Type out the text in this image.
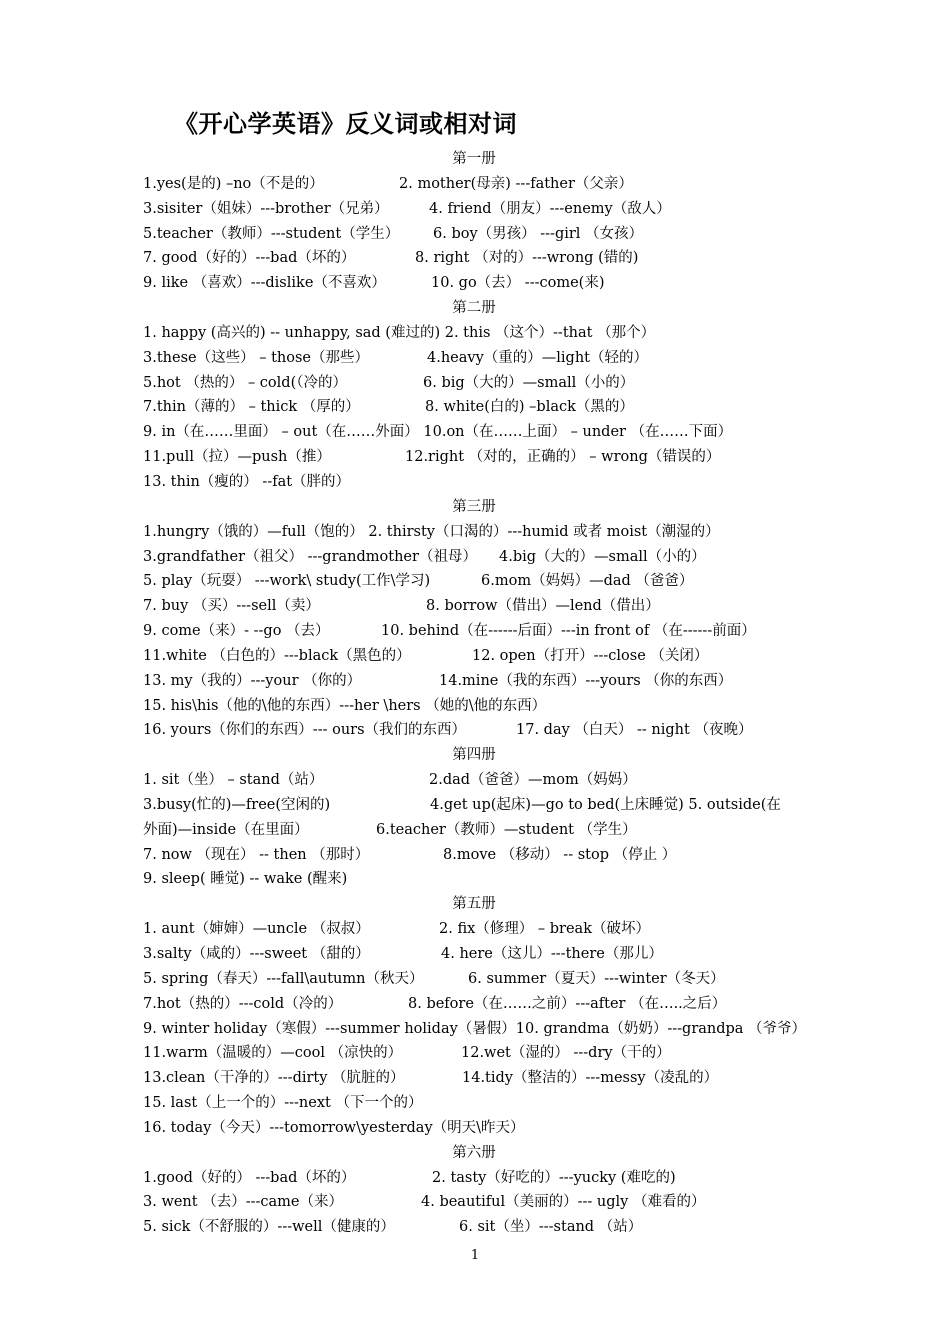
《开心学英语》反义词或相对词
第一册
1.yes(是的) –no（不是的）	2. mother(母亲) ---father（父亲）
3.sisiter（姐妹）---brother（兄弟）	4. friend（朋友）---enemy（敌人）
5.teacher（教师）---student（学生） 6. boy（男孩） ---girl （女孩）
7. good（好的）---bad（坏的）	8. right （对的）---wrong (错的)
9. like （喜欢）---dislike（不喜欢）	10. go（去） ---come(来)
第二册
1. happy (高兴的) -- unhappy, sad (难过的) 2. this （这个）--that （那个）
3.these（这些） – those（那些）	4.heavy（重的）—light（轻的）
5.hot （热的） – cold(（冷的）	6. big（大的）—small（小的）
7.thin（薄的） – thick （厚的）	8. white(白的) –black（黑的）
9. in（在……里面） – out（在……外面） 10.on（在……上面） – under （在……下面）
11.pull（拉）—push（推）	12.right （对的，正确的） – wrong（错误的）
13. thin（瘦的） --fat（胖的）
第三册
1.hungry（饿的）—full（饱的） 2. thirsty（口渴的）---humid 或者 moist（潮湿的）
3.grandfather（祖父） ---grandmother（祖母） 4.big（大的）—small（小的）
5. play（玩耍） ---work\ study(工作\学习)	6.mom（妈妈）—dad （爸爸）
7. buy （买）---sell（卖）	8. borrow（借出）—lend（借出）
9. come（来）- --go （去）	10. behind（在------后面）---in front of （在------前面）
11.white （白色的）---black（黑色的）	12. open（打开）---close （关闭）
13. my（我的）---your （你的）	14.mine（我的东西）---yours （你的东西）
15. his\his（他的\他的东西）---her \hers （她的\他的东西）
16. yours（你们的东西）--- ours（我们的东西）	17. day （白天） -- night （夜晚）
第四册
1. sit（坐） – stand（站）	2.dad（爸爸）—mom（妈妈）
3.busy(忙的)—free(空闲的)	4.get up(起床)—go to bed(上床睡觉) 5. outside(在
外面)—inside（在里面）	6.teacher（教师）—student （学生）
7. now （现在） -- then （那时）	8.move （移动） -- stop （停止 ）
9. sleep( 睡觉) -- wake (醒来)
第五册
1. aunt（婶婶）—uncle （叔叔）	2. fix（修理） – break（破坏）
3.salty（咸的）---sweet （甜的）	4. here（这儿）---there（那儿）
5. spring（春天）---fall\autumn（秋天）	6. summer（夏天）---winter（冬天）
7.hot（热的）---cold（冷的）	8. before（在……之前）---after （在…..之后）
9. winter holiday（寒假）---summer holiday（暑假）10. grandma（奶奶）---grandpa （爷爷）
11.warm（温暖的）—cool （凉快的）	12.wet（湿的） ---dry（干的）
13.clean（干净的）---dirty （肮脏的）	14.tidy（整洁的）---messy（凌乱的）
15. last（上一个的）---next （下一个的）
16. today（今天）---tomorrow\yesterday（明天\昨天）
第六册
1.good（好的） ---bad（坏的）	2. tasty（好吃的）---yucky (难吃的)
3. went （去）---came（来）	4. beautiful（美丽的）--- ugly （难看的）
5. sick（不舒服的）---well（健康的）	6. sit（坐）---stand （站）
1
